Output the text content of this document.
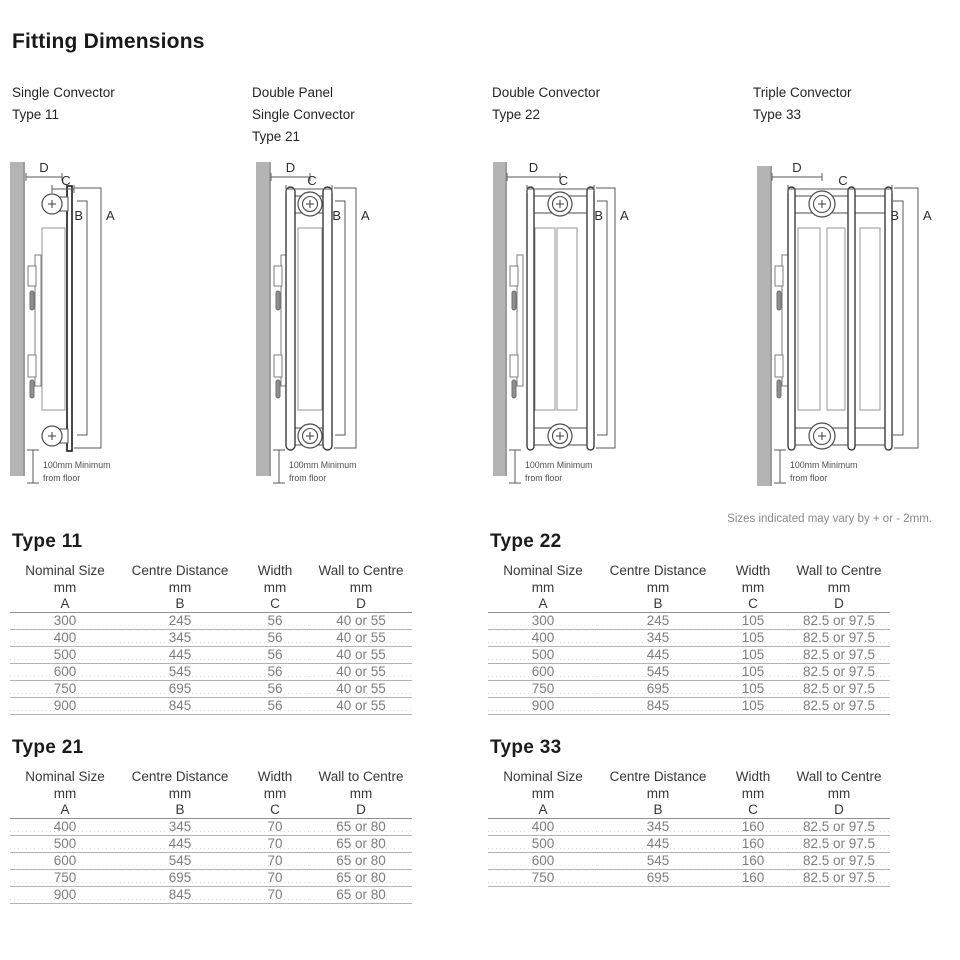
Fitting Dimensions
Single Convector
Type 11
Double Panel
Single Convector
Type 21
Double Convector
Type 22
Triple Convector
Type 33
D
C
B A
100mm Minimum
from floor
D
C
B A
100mm Minimum
from floor
D
C
B A
100mm Minimum
from floor
D
C
B A
100mm Minimum
from floor
Sizes indicated may vary by + or - 2mm.
Type 11
Nominal Size	Centre Distance	Width	Wall to Centre
mm	mm	mm	mm
A	B	C	D
300	245	56	40 or 55
400	345	56	40 or 55
500	445	56	40 or 55
600	545	56	40 or 55
750	695	56	40 or 55
900	845	56	40 or 55
Type 22
Nominal Size	Centre Distance	Width	Wall to Centre
mm	mm	mm	mm
A	B	C	D
300	245	105	82.5 or 97.5
400	345	105	82.5 or 97.5
500	445	105	82.5 or 97.5
600	545	105	82.5 or 97.5
750	695	105	82.5 or 97.5
900	845	105	82.5 or 97.5
Type 21
Nominal Size	Centre Distance	Width	Wall to Centre
mm	mm	mm	mm
A	B	C	D
400	345	70	65 or 80
500	445	70	65 or 80
600	545	70	65 or 80
750	695	70	65 or 80
900	845	70	65 or 80
Type 33
Nominal Size	Centre Distance	Width	Wall to Centre
mm	mm	mm	mm
A	B	C	D
400	345	160	82.5 or 97.5
500	445	160	82.5 or 97.5
600	545	160	82.5 or 97.5
750	695	160	82.5 or 97.5
